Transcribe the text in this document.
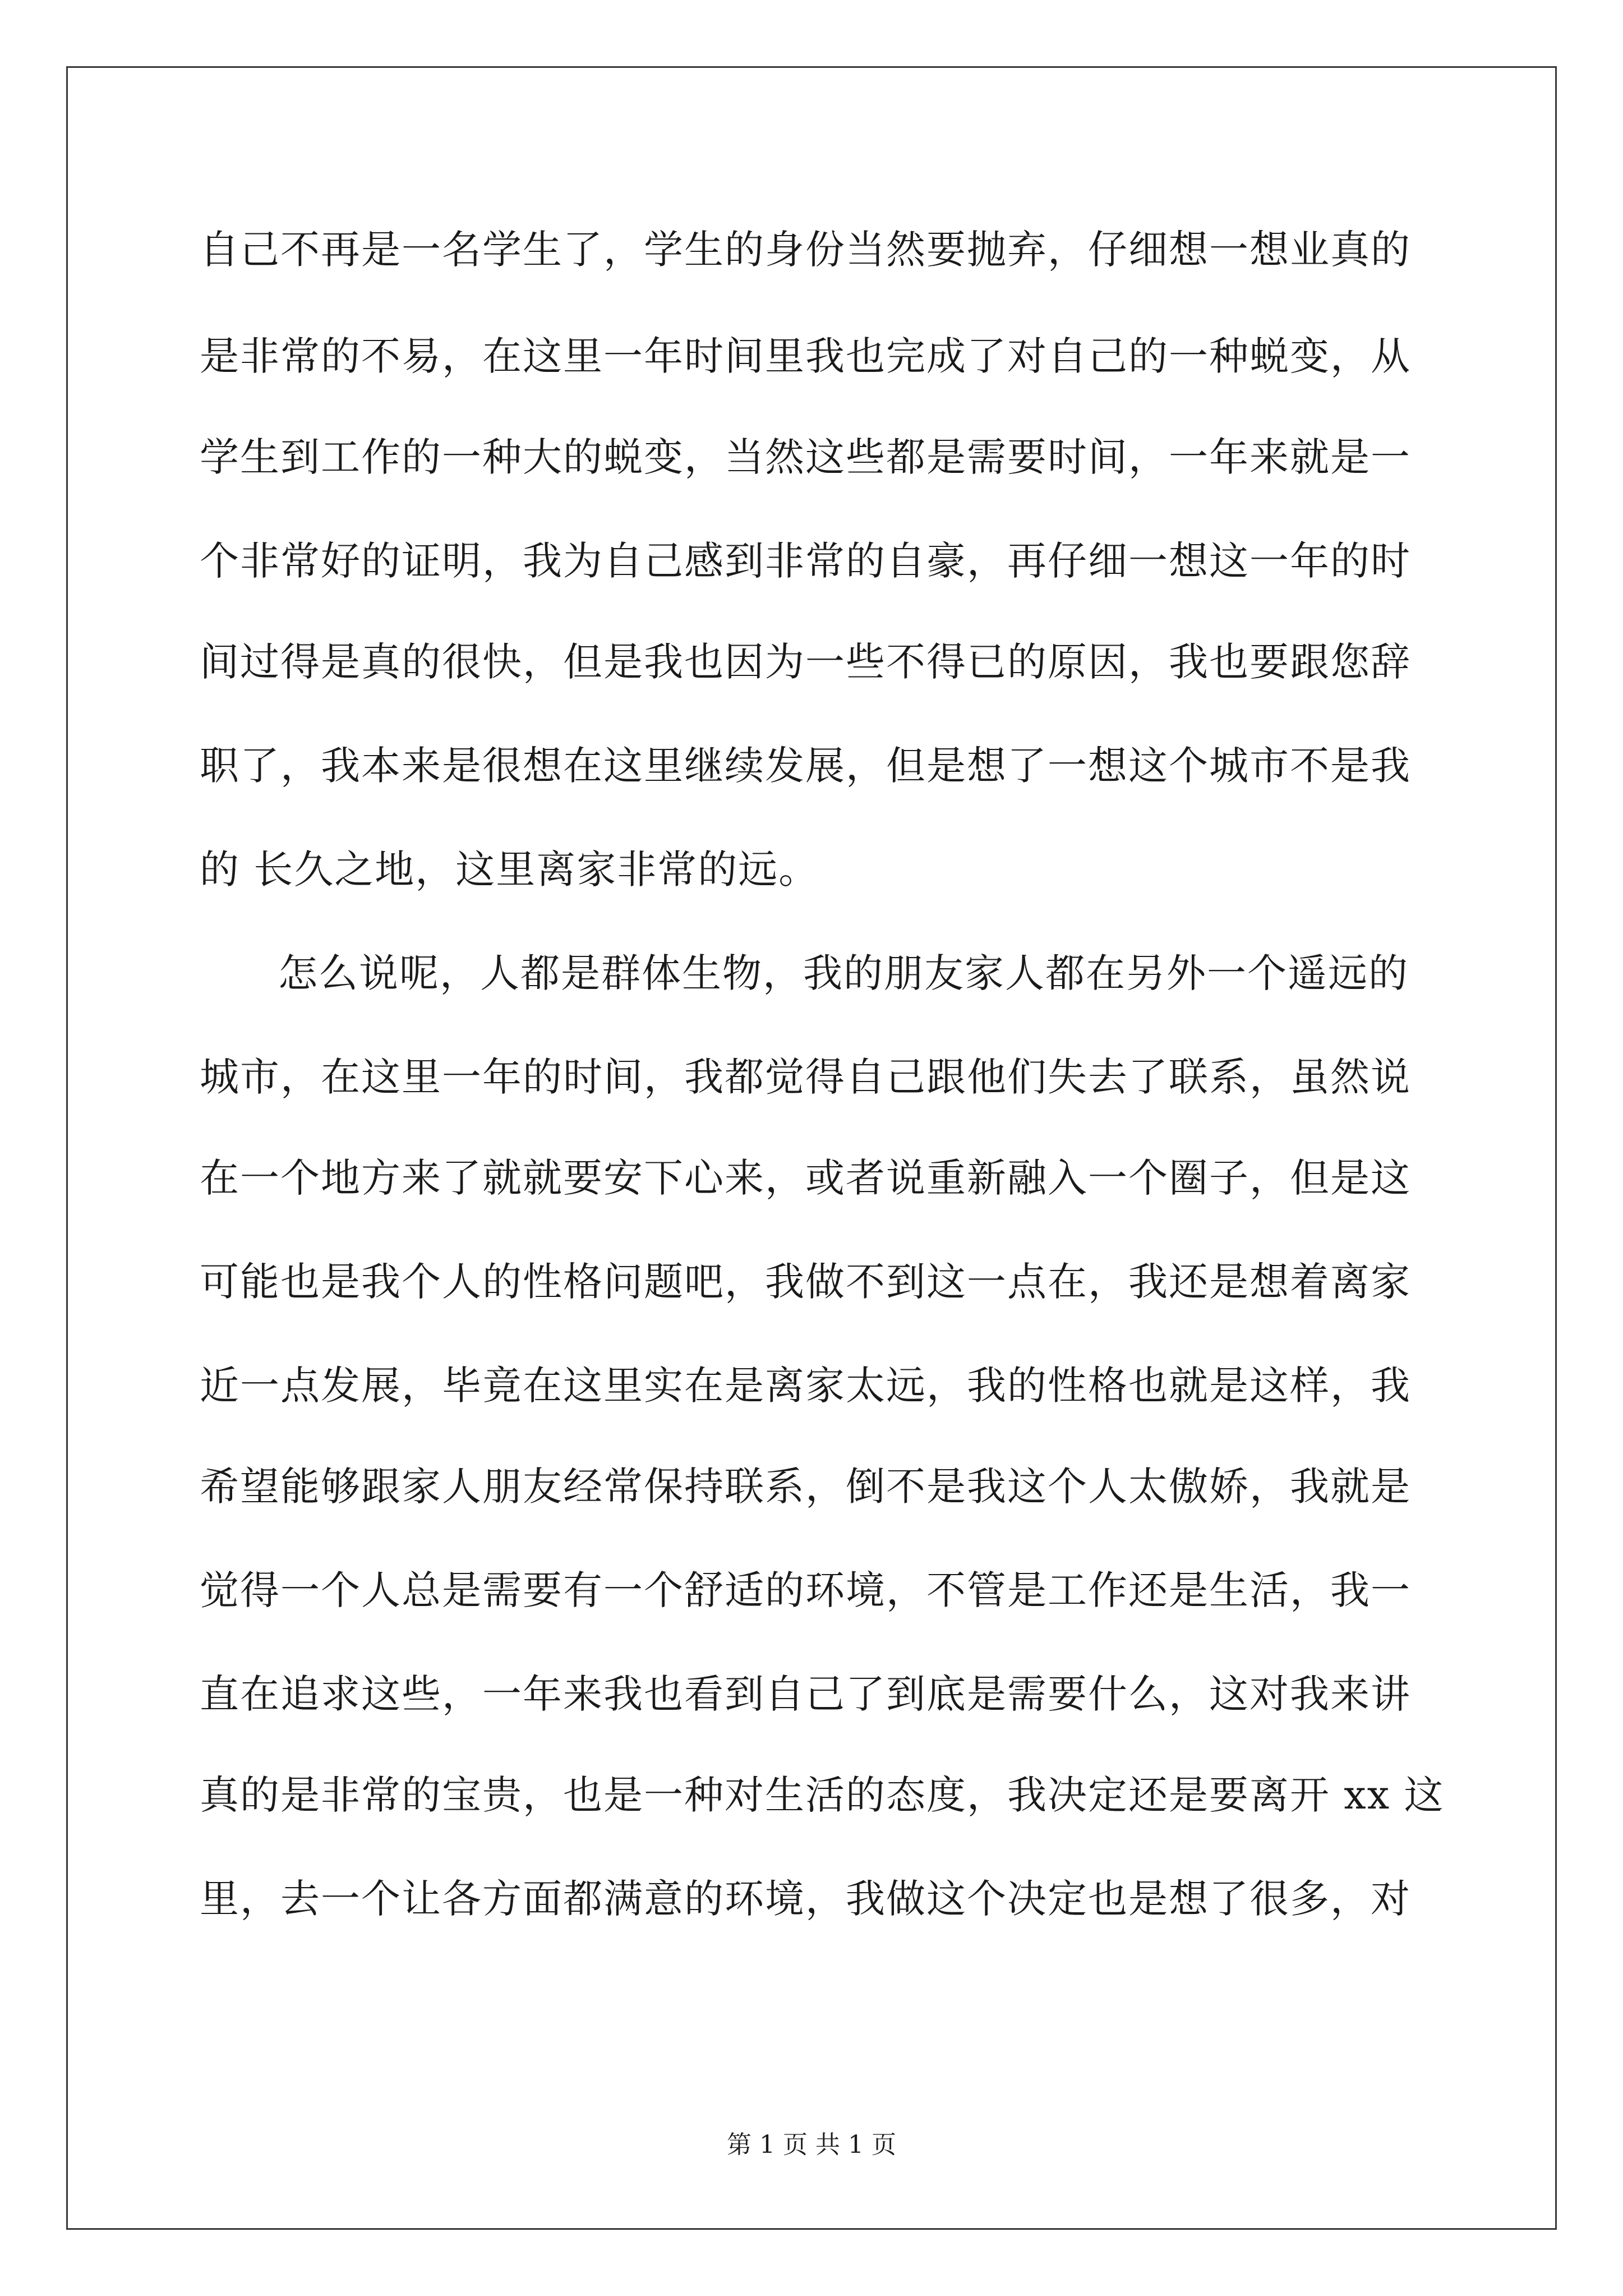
自己不再是一名学生了，学生的身份当然要抛弃，仔细想一想业真的
是非常的不易，在这里一年时间里我也完成了对自己的一种蜕变，从
学生到工作的一种大的蜕变，当然这些都是需要时间，一年来就是一
个非常好的证明，我为自己感到非常的自豪，再仔细一想这一年的时
间过得是真的很快，但是我也因为一些不得已的原因，我也要跟您辞
职了，我本来是很想在这里继续发展，但是想了一想这个城市不是我
的 长久之地，这里离家非常的远。
怎么说呢，人都是群体生物，我的朋友家人都在另外一个遥远的
城市，在这里一年的时间，我都觉得自己跟他们失去了联系，虽然说
在一个地方来了就就要安下心来，或者说重新融入一个圈子，但是这
可能也是我个人的性格问题吧，我做不到这一点在，我还是想着离家
近一点发展，毕竟在这里实在是离家太远，我的性格也就是这样，我
希望能够跟家人朋友经常保持联系，倒不是我这个人太傲娇，我就是
觉得一个人总是需要有一个舒适的环境，不管是工作还是生活，我一
直在追求这些，一年来我也看到自己了到底是需要什么，这对我来讲
真的是非常的宝贵，也是一种对生活的态度，我决定还是要离开 xx 这
里，去一个让各方面都满意的环境，我做这个决定也是想了很多，对
第 1 页 共 1 页
